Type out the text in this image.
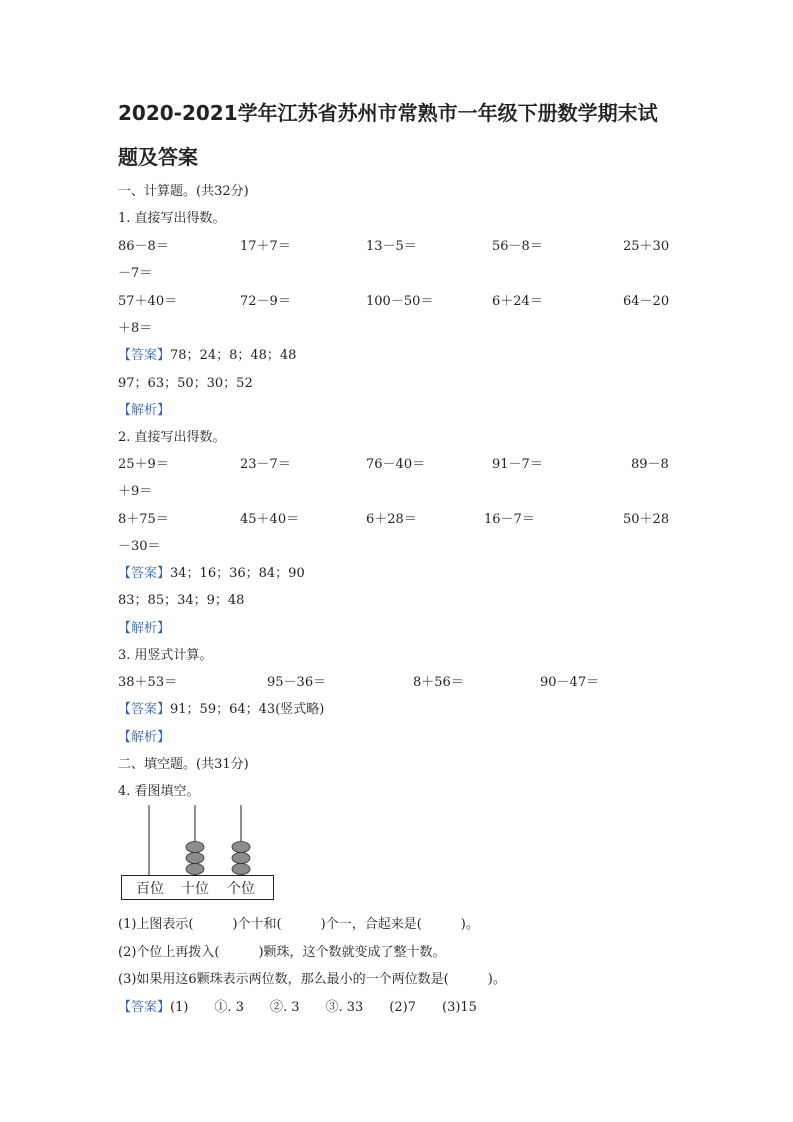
2020-2021学年江苏省苏州市常熟市一年级下册数学期末试
题及答案
一、计算题。(共32分)
1. 直接写出得数。
86－8＝	17＋7＝	13－5＝	56－8＝	25＋30
－7＝
57＋40＝	72－9＝	100－50＝	6＋24＝	64－20
＋8＝
【答案】78；24；8；48；48
97；63；50；30；52
【解析】
2. 直接写出得数。
25＋9＝	23－7＝	76－40＝	91－7＝	89－8
＋9＝
8＋75＝	45＋40＝	6＋28＝	16－7＝	50＋28
－30＝
【答案】34；16；36；84；90
83；85；34；9；48
【解析】
3. 用竖式计算。
38＋53＝	95－36＝	8＋56＝	90－47＝
【答案】91；59；64；43(竖式略)
【解析】
二、填空题。(共31分)
4. 看图填空。
百位 十位 个位
(1)上图表示(　　　)个十和(　　　)个一，合起来是(　　　)。
(2)个位上再拨入(　　　)颗珠，这个数就变成了整十数。
(3)如果用这6颗珠表示两位数，那么最小的一个两位数是(　　　)。
【答案】(1)　　①. 3　　②. 3　　③. 33　　(2)7　　(3)15
